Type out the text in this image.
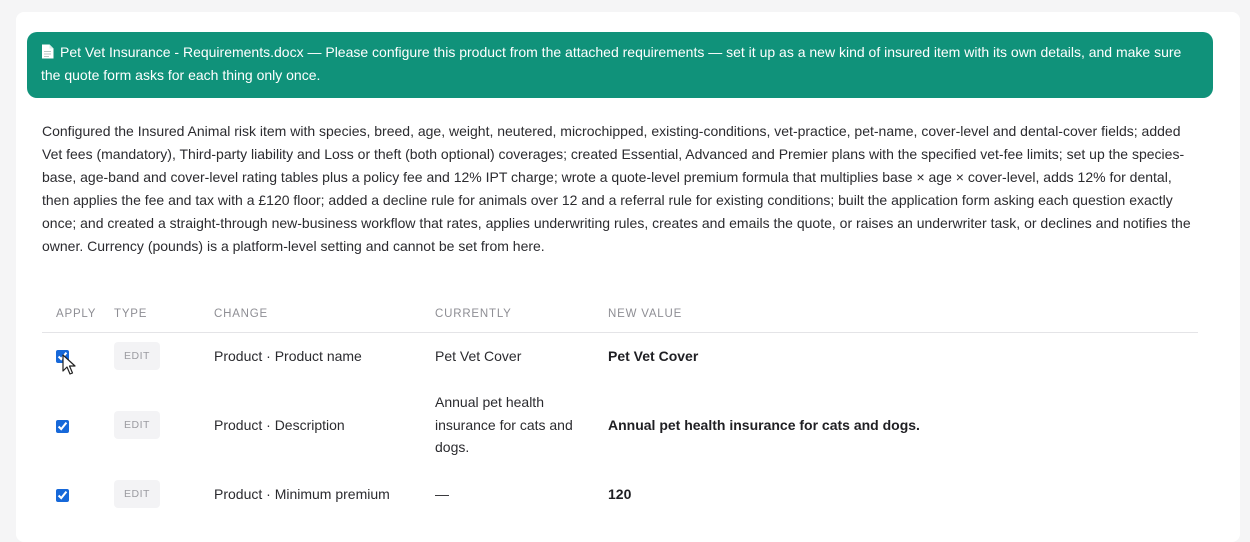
Pet Vet Insurance - Requirements.docx — Please configure this product from the attached requirements — set it up as a new kind of insured item with its own details, and make sure the quote form asks for each thing only once.

Configured the Insured Animal risk item with species, breed, age, weight, neutered, microchipped, existing-conditions, vet-practice, pet-name, cover-level and dental-cover fields; added Vet fees (mandatory), Third-party liability and Loss or theft (both optional) coverages; created Essential, Advanced and Premier plans with the specified vet-fee limits; set up the species-base, age-band and cover-level rating tables plus a policy fee and 12% IPT charge; wrote a quote-level premium formula that multiplies base × age × cover-level, adds 12% for dental, then applies the fee and tax with a £120 floor; added a decline rule for animals over 12 and a referral rule for existing conditions; built the application form asking each question exactly once; and created a straight-through new-business workflow that rates, applies underwriting rules, creates and emails the quote, or raises an underwriter task, or declines and notifies the owner. Currency (pounds) is a platform-level setting and cannot be set from here.

APPLY	TYPE	CHANGE	CURRENTLY	NEW VALUE
	EDIT	Product · Product name	Pet Vet Cover	Pet Vet Cover
	EDIT	Product · Description	Annual pet health insurance for cats and dogs.	Annual pet health insurance for cats and dogs.
	EDIT	Product · Minimum premium	—	120
